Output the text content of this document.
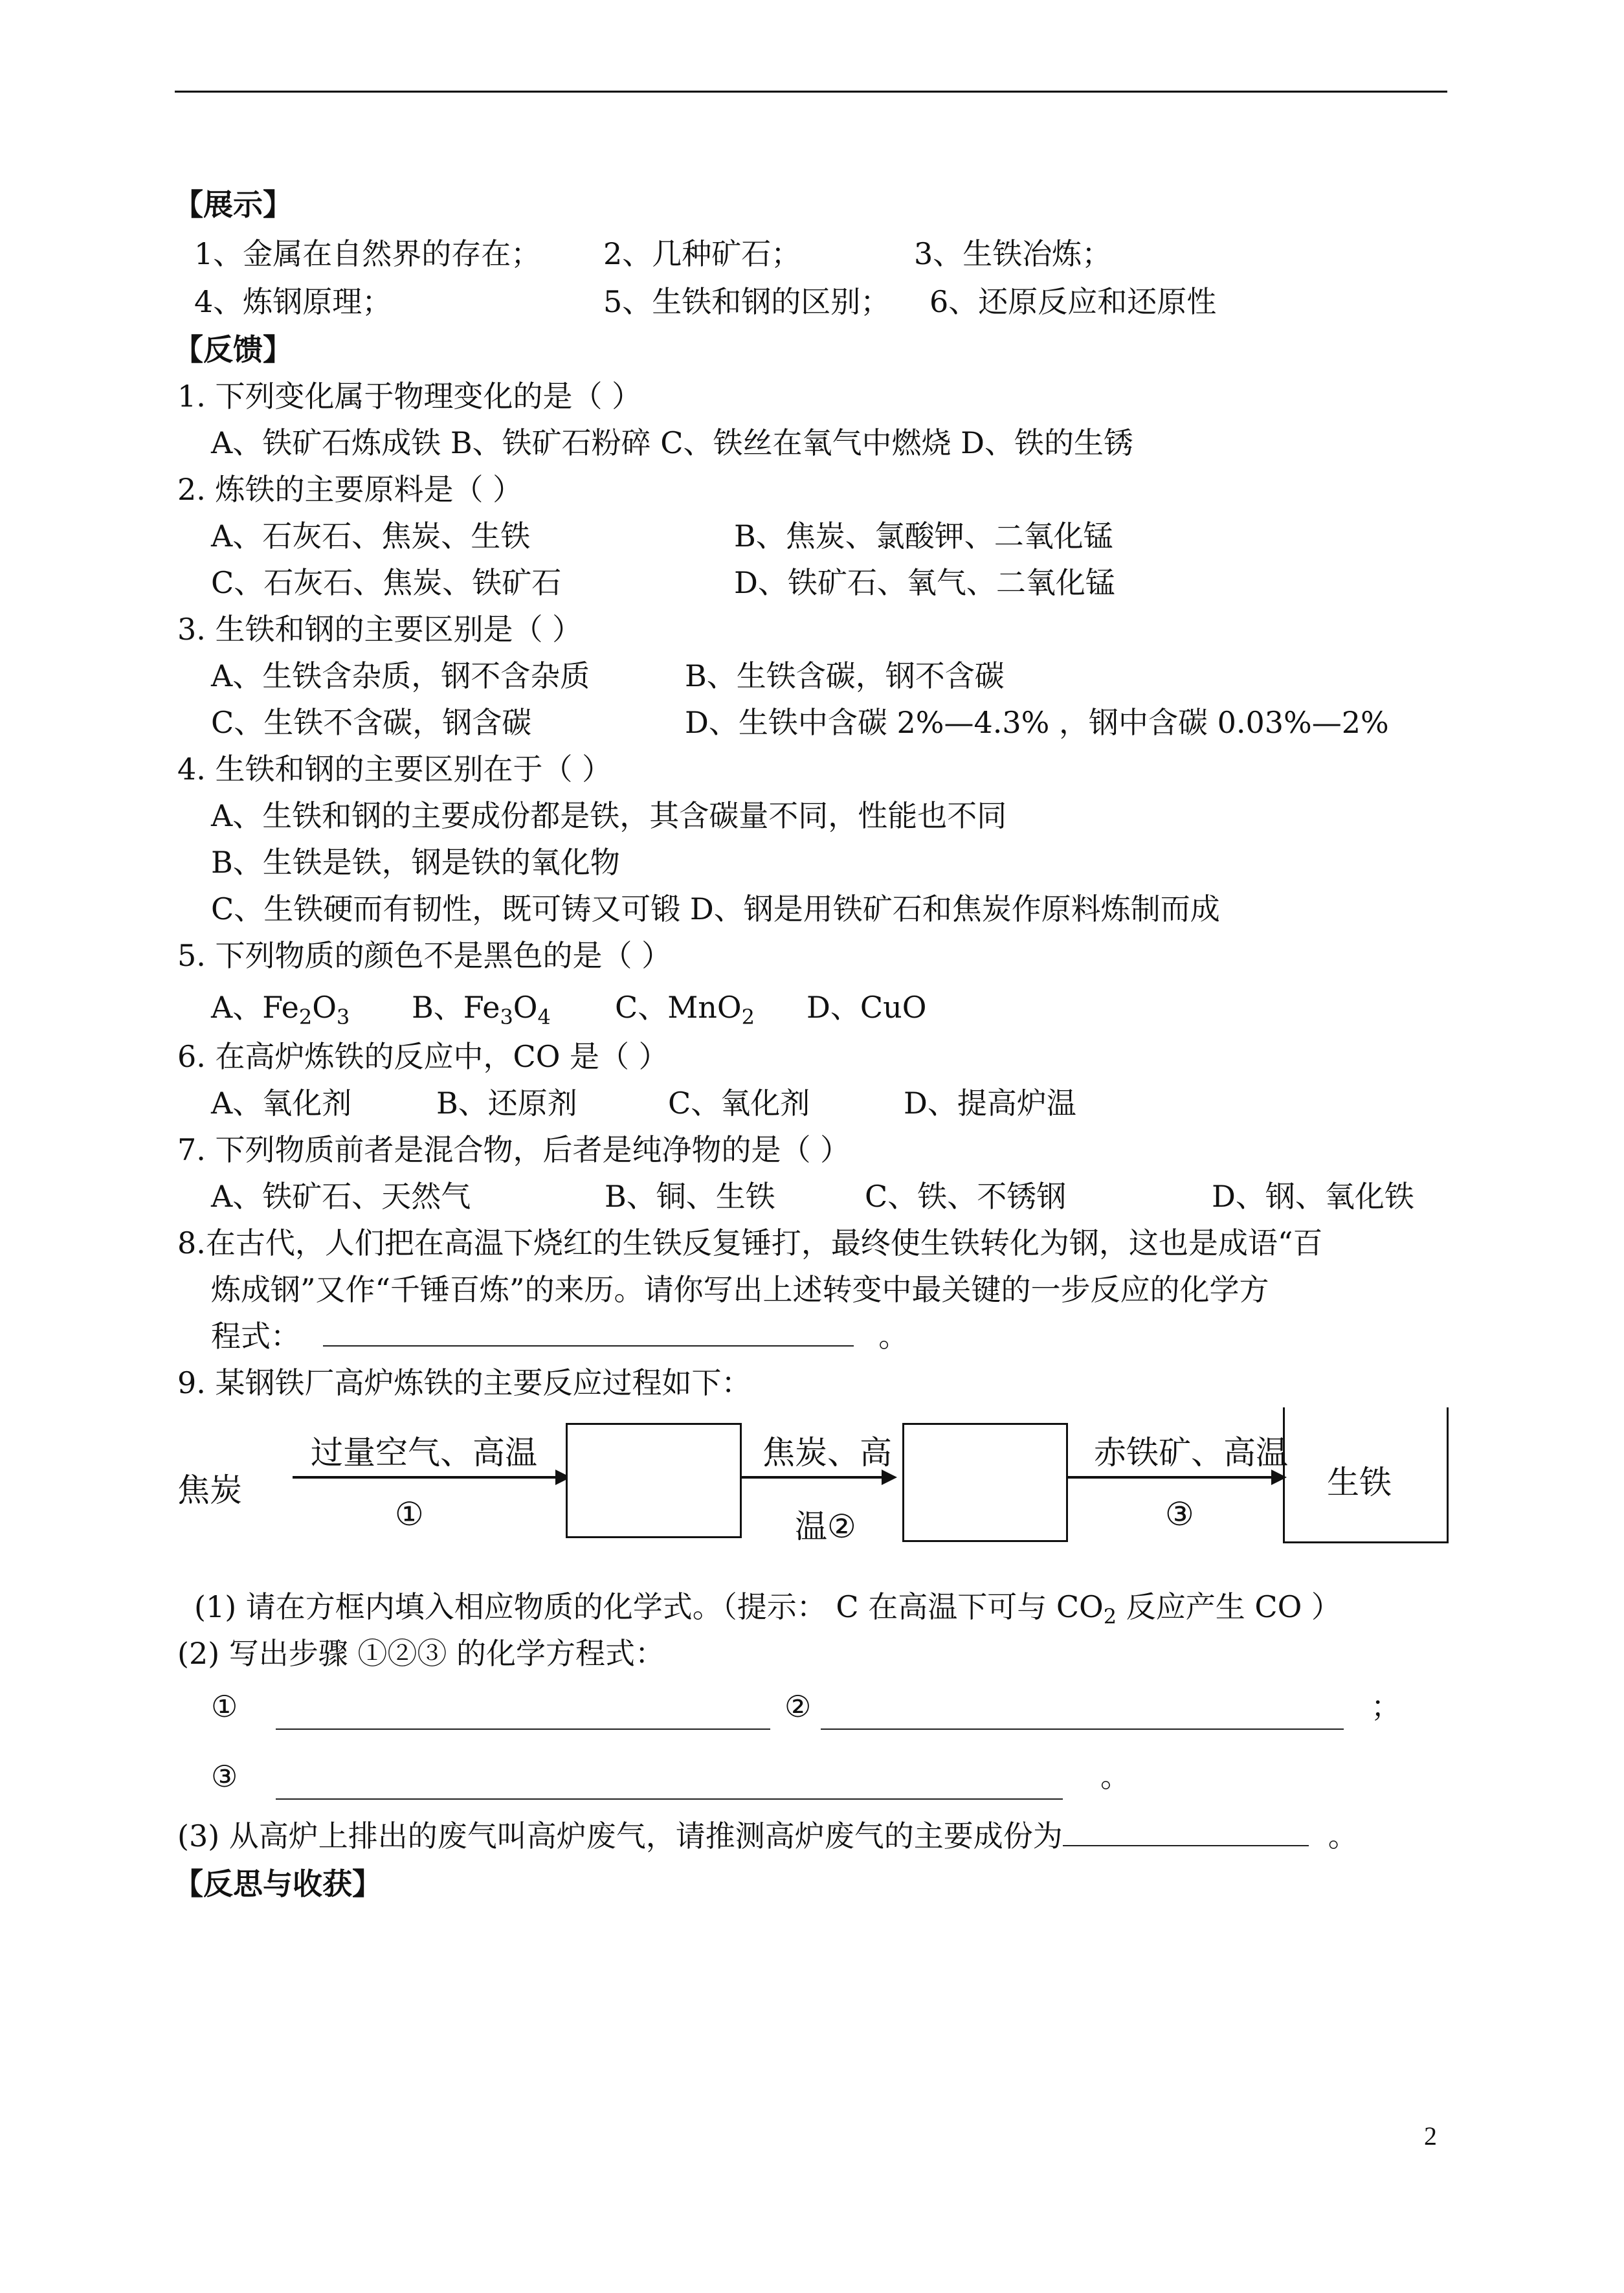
【展示】
1、金属在自然界的存在； 2、几种矿石；	3、生铁冶炼；
4、炼钢原理；	5、生铁和钢的区别； 6、还原反应和还原性
【反馈】
1. 下列变化属于物理变化的是（ ）
A、铁矿石炼成铁 B、铁矿石粉碎 C、铁丝在氧气中燃烧 D、铁的生锈
2. 炼铁的主要原料是（ ）
A、石灰石、焦炭、生铁	B、焦炭、氯酸钾、二氧化锰
C、石灰石、焦炭、铁矿石	D、铁矿石、氧气、二氧化锰
3. 生铁和钢的主要区别是（ ）
A、生铁含杂质，钢不含杂质	B、生铁含碳，钢不含碳
C、生铁不含碳，钢含碳	D、生铁中含碳 2%—4.3% ，钢中含碳 0.03%—2%
4. 生铁和钢的主要区别在于（ ）
A、生铁和钢的主要成份都是铁，其含碳量不同，性能也不同
B、生铁是铁，钢是铁的氧化物
C、生铁硬而有韧性，既可铸又可锻 D、钢是用铁矿石和焦炭作原料炼制而成
5. 下列物质的颜色不是黑色的是（ ）
A、$Fe_2O_3$ B、$Fe_3O_4$ C、MnO$_2$ D、CuO
6. 在高炉炼铁的反应中，CO 是（ ）
A、氧化剂	B、还原剂	C、氧化剂	D、提高炉温
7. 下列物质前者是混合物，后者是纯净物的是（ ）
A、铁矿石、天然气	B、铜、生铁	C、铁、不锈钢	D、钢、氧化铁
8.在古代，人们把在高温下烧红的生铁反复锤打，最终使生铁转化为钢，这也是成语“百
炼成钢”又作“千锤百炼”的来历。请你写出上述转变中最关键的一步反应的化学方
程式：	。
9. 某钢铁厂高炉炼铁的主要反应过程如下：
焦炭
过量空气、高温
①
焦炭、高
温②
赤铁矿、高温
③
生铁
(1) 请在方框内填入相应物质的化学式。（提示： C 在高温下可与 $CO_2$ 反应产生 CO ）
(2) 写出步骤 ①②③ 的化学方程式：
①	②	；
③	。
(3) 从高炉上排出的废气叫高炉废气，请推测高炉废气的主要成份为	。
【反思与收获】
2
